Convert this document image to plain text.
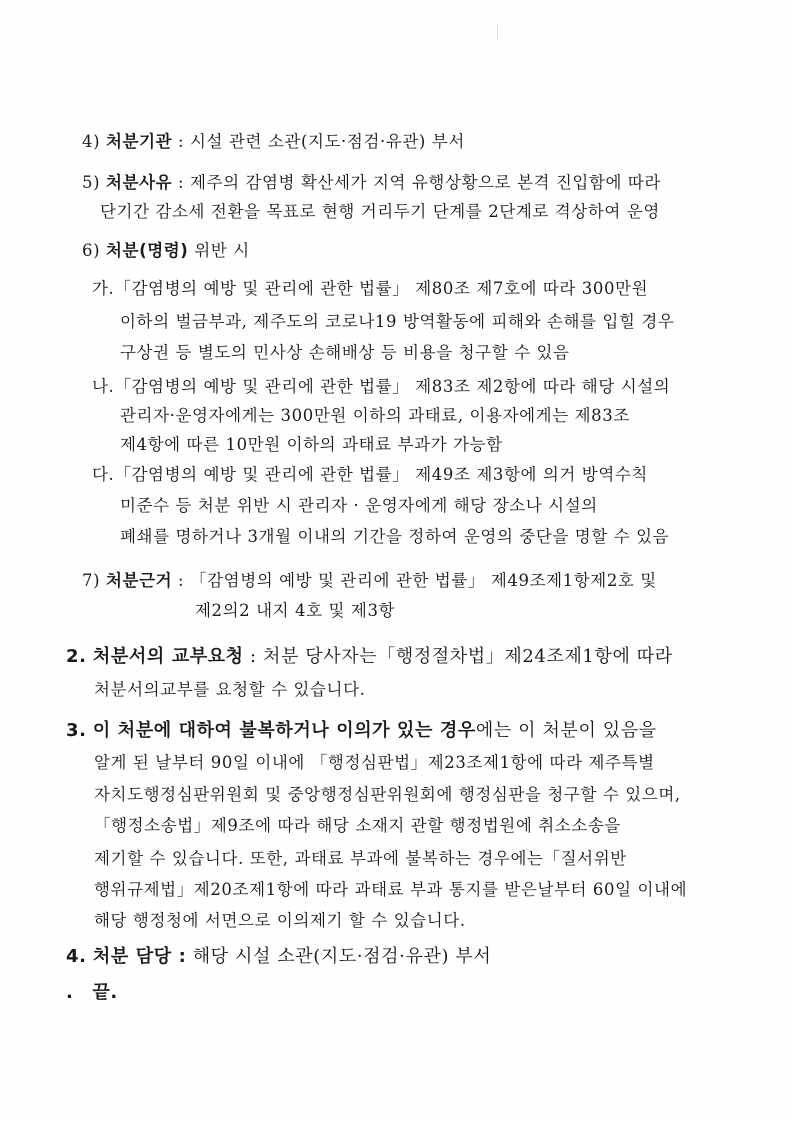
4) 처분기관 : 시설 관련 소관(지도·점검·유관) 부서
5) 처분사유 : 제주의 감염병 확산세가 지역 유행상황으로 본격 진입함에 따라
단기간 감소세 전환을 목표로 현행 거리두기 단계를 2단계로 격상하여 운영
6) 처분(명령) 위반 시
가.「감염병의 예방 및 관리에 관한 법률」 제80조 제7호에 따라 300만원
이하의 벌금부과, 제주도의 코로나19 방역활동에 피해와 손해를 입힐 경우
구상권 등 별도의 민사상 손해배상 등 비용을 청구할 수 있음
나.「감염병의 예방 및 관리에 관한 법률」 제83조 제2항에 따라 해당 시설의
관리자·운영자에게는 300만원 이하의 과태료, 이용자에게는 제83조
제4항에 따른 10만원 이하의 과태료 부과가 가능함
다.「감염병의 예방 및 관리에 관한 법률」 제49조 제3항에 의거 방역수칙
미준수 등 처분 위반 시 관리자 · 운영자에게 해당 장소나 시설의
폐쇄를 명하거나 3개월 이내의 기간을 정하여 운영의 중단을 명할 수 있음
7) 처분근거 : 「감염병의 예방 및 관리에 관한 법률」 제49조제1항제2호 및
제2의2 내지 4호 및 제3항
2. 처분서의 교부요청 : 처분 당사자는「행정절차법」제24조제1항에 따라
처분서의교부를 요청할 수 있습니다.
3. 이 처분에 대하여 불복하거나 이의가 있는 경우에는 이 처분이 있음을
알게 된 날부터 90일 이내에 「행정심판법」제23조제1항에 따라 제주특별
자치도행정심판위원회 및 중앙행정심판위원회에 행정심판을 청구할 수 있으며,
「행정소송법」제9조에 따라 해당 소재지 관할 행정법원에 취소소송을
제기할 수 있습니다. 또한, 과태료 부과에 불복하는 경우에는「질서위반
행위규제법」제20조제1항에 따라 과태료 부과 통지를 받은날부터 60일 이내에
해당 행정청에 서면으로 이의제기 할 수 있습니다.
4. 처분 담당 : 해당 시설 소관(지도·점검·유관) 부서
. 끝.
